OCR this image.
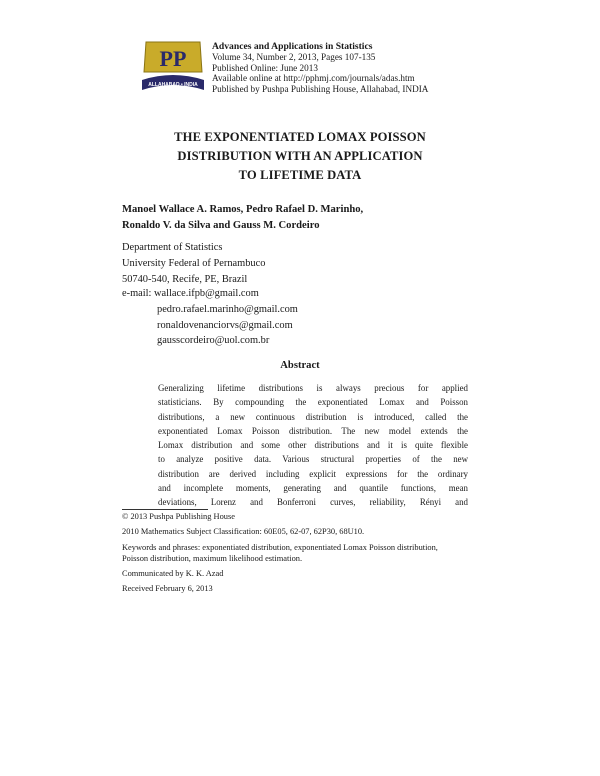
PP
ALLAHABAD • INDIA
Advances and Applications in Statistics
Volume 34, Number 2, 2013, Pages 107-135
Published Online: June 2013
Available online at http://pphmj.com/journals/adas.htm
Published by Pushpa Publishing House, Allahabad, INDIA
THE EXPONENTIATED LOMAX POISSON
DISTRIBUTION WITH AN APPLICATION
TO LIFETIME DATA
Manoel Wallace A. Ramos, Pedro Rafael D. Marinho,
Ronaldo V. da Silva and Gauss M. Cordeiro
Department of Statistics
University Federal of Pernambuco
50740-540, Recife, PE, Brazil
e-mail: wallace.ifpb@gmail.com
pedro.rafael.marinho@gmail.com
ronaldovenanciorvs@gmail.com
gausscordeiro@uol.com.br
Abstract
Generalizing lifetime distributions is always precious for applied
statisticians. By compounding the exponentiated Lomax and Poisson
distributions, a new continuous distribution is introduced, called the
exponentiated Lomax Poisson distribution. The new model extends the
Lomax distribution and some other distributions and it is quite flexible
to analyze positive data. Various structural properties of the new
distribution are derived including explicit expressions for the ordinary
and incomplete moments, generating and quantile functions, mean
deviations, Lorenz and Bonferroni curves, reliability, Rényi and
© 2013 Pushpa Publishing House
2010 Mathematics Subject Classification: 60E05, 62-07, 62P30, 68U10.
Keywords and phrases: exponentiated distribution, exponentiated Lomax Poisson distribution,
Poisson distribution, maximum likelihood estimation.
Communicated by K. K. Azad
Received February 6, 2013
